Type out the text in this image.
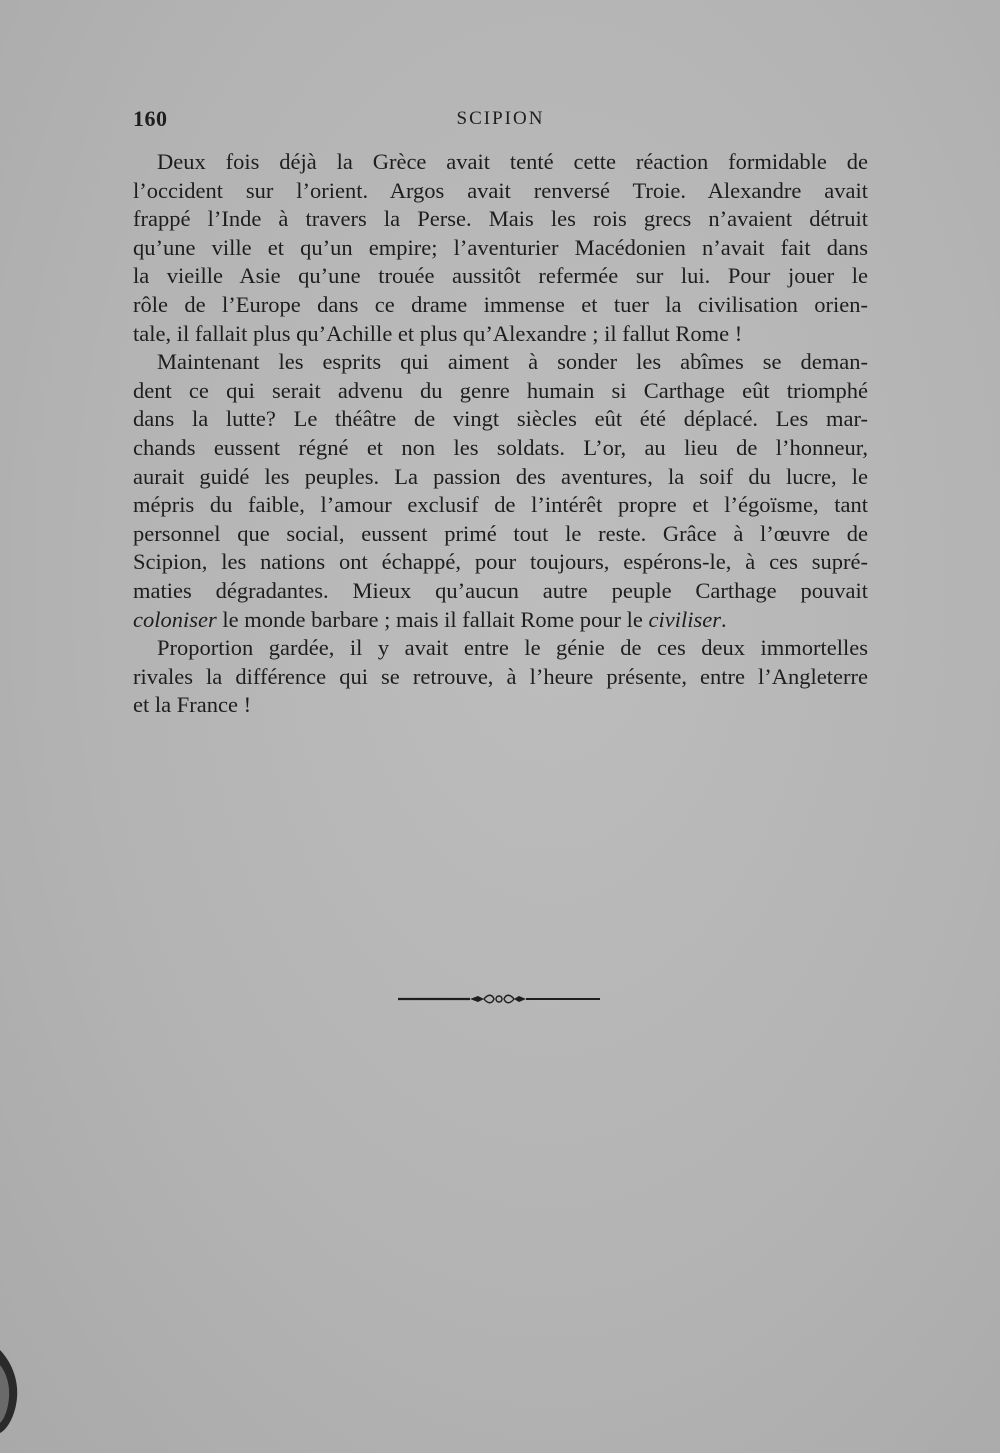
160	SCIPION
Deux fois déjà la Grèce avait tenté cette réaction formidable de
l’occident sur l’orient. Argos avait renversé Troie. Alexandre avait
frappé l’Inde à travers la Perse. Mais les rois grecs n’avaient détruit
qu’une ville et qu’un empire; l’aventurier Macédonien n’avait fait dans
la vieille Asie qu’une trouée aussitôt refermée sur lui. Pour jouer le
rôle de l’Europe dans ce drame immense et tuer la civilisation orien-
tale, il fallait plus qu’Achille et plus qu’Alexandre ; il fallut Rome !
Maintenant les esprits qui aiment à sonder les abîmes se deman-
dent ce qui serait advenu du genre humain si Carthage eût triomphé
dans la lutte? Le théâtre de vingt siècles eût été déplacé. Les mar-
chands eussent régné et non les soldats. L’or, au lieu de l’honneur,
aurait guidé les peuples. La passion des aventures, la soif du lucre, le
mépris du faible, l’amour exclusif de l’intérêt propre et l’égoïsme, tant
personnel que social, eussent primé tout le reste. Grâce à l’œuvre de
Scipion, les nations ont échappé, pour toujours, espérons-le, à ces supré-
maties dégradantes. Mieux qu’aucun autre peuple Carthage pouvait
coloniser le monde barbare ; mais il fallait Rome pour le civiliser.
Proportion gardée, il y avait entre le génie de ces deux immortelles
rivales la différence qui se retrouve, à l’heure présente, entre l’Angleterre
et la France !
